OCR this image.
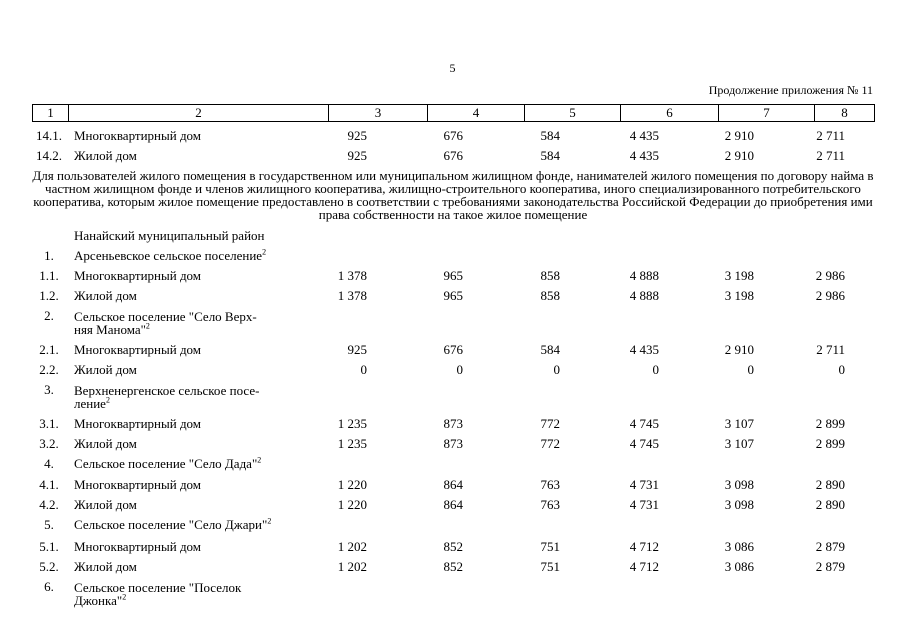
5
Продолжение приложения № 11
1	2	3	4	5	6	7	8
Для пользователей жилого помещения в государственном или муниципальном жилищном фонде, нанимателей жилого помещения по договору найма в частном жилищном фонде и членов жилищного кооператива, жилищно-строительного кооператива, иного специализированного потребительского кооператива, которым жилое помещение предоставлено в соответствии с требованиями законодательства Российской Федерации до приобретения ими права собственности на такое жилое помещение
14.1. Многоквартирный дом	925	676	584	4 435	2 910	2 711
14.2. Жилой дом	925	676	584	4 435	2 910	2 711
Нанайский муниципальный район
1.	Арсеньевское сельское поселение$^2$
1.1.	Многоквартирный дом	1 378	965	858	4 888	3 198	2 986
1.2.	Жилой дом	1 378	965	858	4 888	3 198	2 986
2.	Сельское поселение "Село Верх-
няя Манома"$^2$
2.1.	Многоквартирный дом	925	676	584	4 435	2 910	2 711
2.2.	Жилой дом	0	0	0	0	0	0
3.	Верхненергенское сельское посе-
ление$^2$
3.1.	Многоквартирный дом	1 235	873	772	4 745	3 107	2 899
3.2.	Жилой дом	1 235	873	772	4 745	3 107	2 899
4.	Сельское поселение "Село Дада"$^2$
4.1.	Многоквартирный дом	1 220	864	763	4 731	3 098	2 890
4.2.	Жилой дом	1 220	864	763	4 731	3 098	2 890
5.	Сельское поселение "Село Джари"$^2$
5.1.	Многоквартирный дом	1 202	852	751	4 712	3 086	2 879
5.2.	Жилой дом	1 202	852	751	4 712	3 086	2 879
6.	Сельское поселение "Поселок
Джонка"$^2$
